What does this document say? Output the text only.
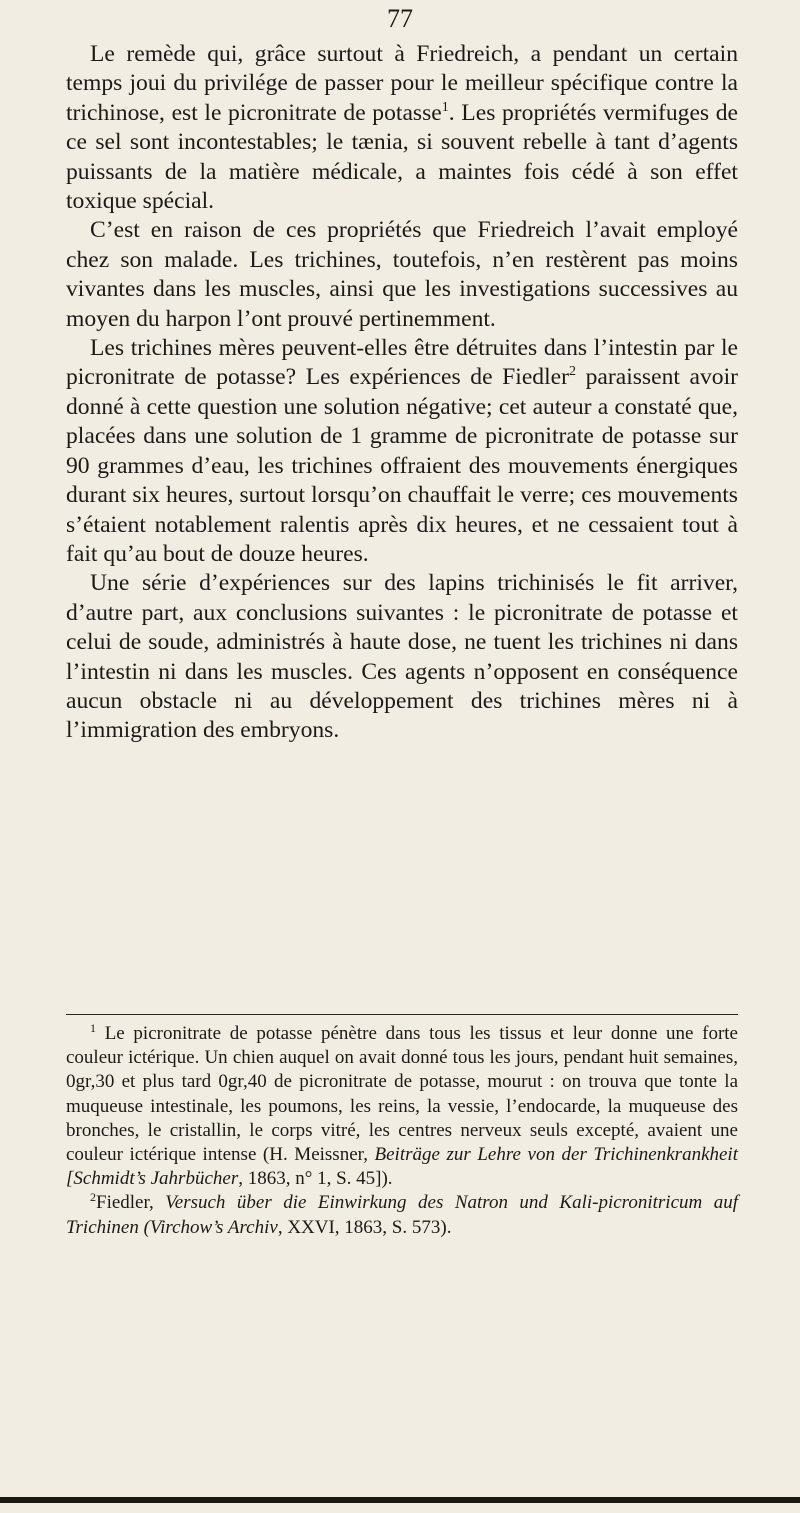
77

Le remède qui, grâce surtout à Friedreich, a pendant un certain temps joui du privilége de passer pour le meilleur spécifique contre la trichinose, est le picronitrate de potasse$^1$. Les propriétés vermifuges de ce sel sont incontestables; le tænia, si souvent rebelle à tant d’agents puissants de la matière médicale, a maintes fois cédé à son effet toxique spécial.

C’est en raison de ces propriétés que Friedreich l’avait employé chez son malade. Les trichines, toutefois, n’en restèrent pas moins vivantes dans les muscles, ainsi que les investigations successives au moyen du harpon l’ont prouvé pertinemment.

Les trichines mères peuvent-elles être détruites dans l’intestin par le picronitrate de potasse? Les expériences de Fiedler$^2$ paraissent avoir donné à cette question une solution négative; cet auteur a constaté que, placées dans une solution de 1 gramme de picronitrate de potasse sur 90 grammes d’eau, les trichines offraient des mouvements énergiques durant six heures, surtout lorsqu’on chauffait le verre; ces mouvements s’étaient notablement ralentis après dix heures, et ne cessaient tout à fait qu’au bout de douze heures.

Une série d’expériences sur des lapins trichinisés le fit arriver, d’autre part, aux conclusions suivantes : le picronitrate de potasse et celui de soude, administrés à haute dose, ne tuent les trichines ni dans l’intestin ni dans les muscles. Ces agents n’opposent en conséquence aucun obstacle ni au développement des trichines mères ni à l’immigration des embryons.

$^1$ Le picronitrate de potasse pénètre dans tous les tissus et leur donne une forte couleur ictérique. Un chien auquel on avait donné tous les jours, pendant huit semaines, 0gr,30 et plus tard 0gr,40 de picronitrate de potasse, mourut : on trouva que tonte la muqueuse intestinale, les poumons, les reins, la vessie, l’endocarde, la muqueuse des bronches, le cristallin, le corps vitré, les centres nerveux seuls excepté, avaient une couleur ictérique intense (H. Meissner, Beiträge zur Lehre von der Trichinenkrankheit [Schmidt’s Jahrbücher, 1863, n° 1, S. 45]).

$^2$Fiedler, Versuch über die Einwirkung des Natron und Kali-picronitricum auf Trichinen (Virchow’s Archiv, XXVI, 1863, S. 573).
